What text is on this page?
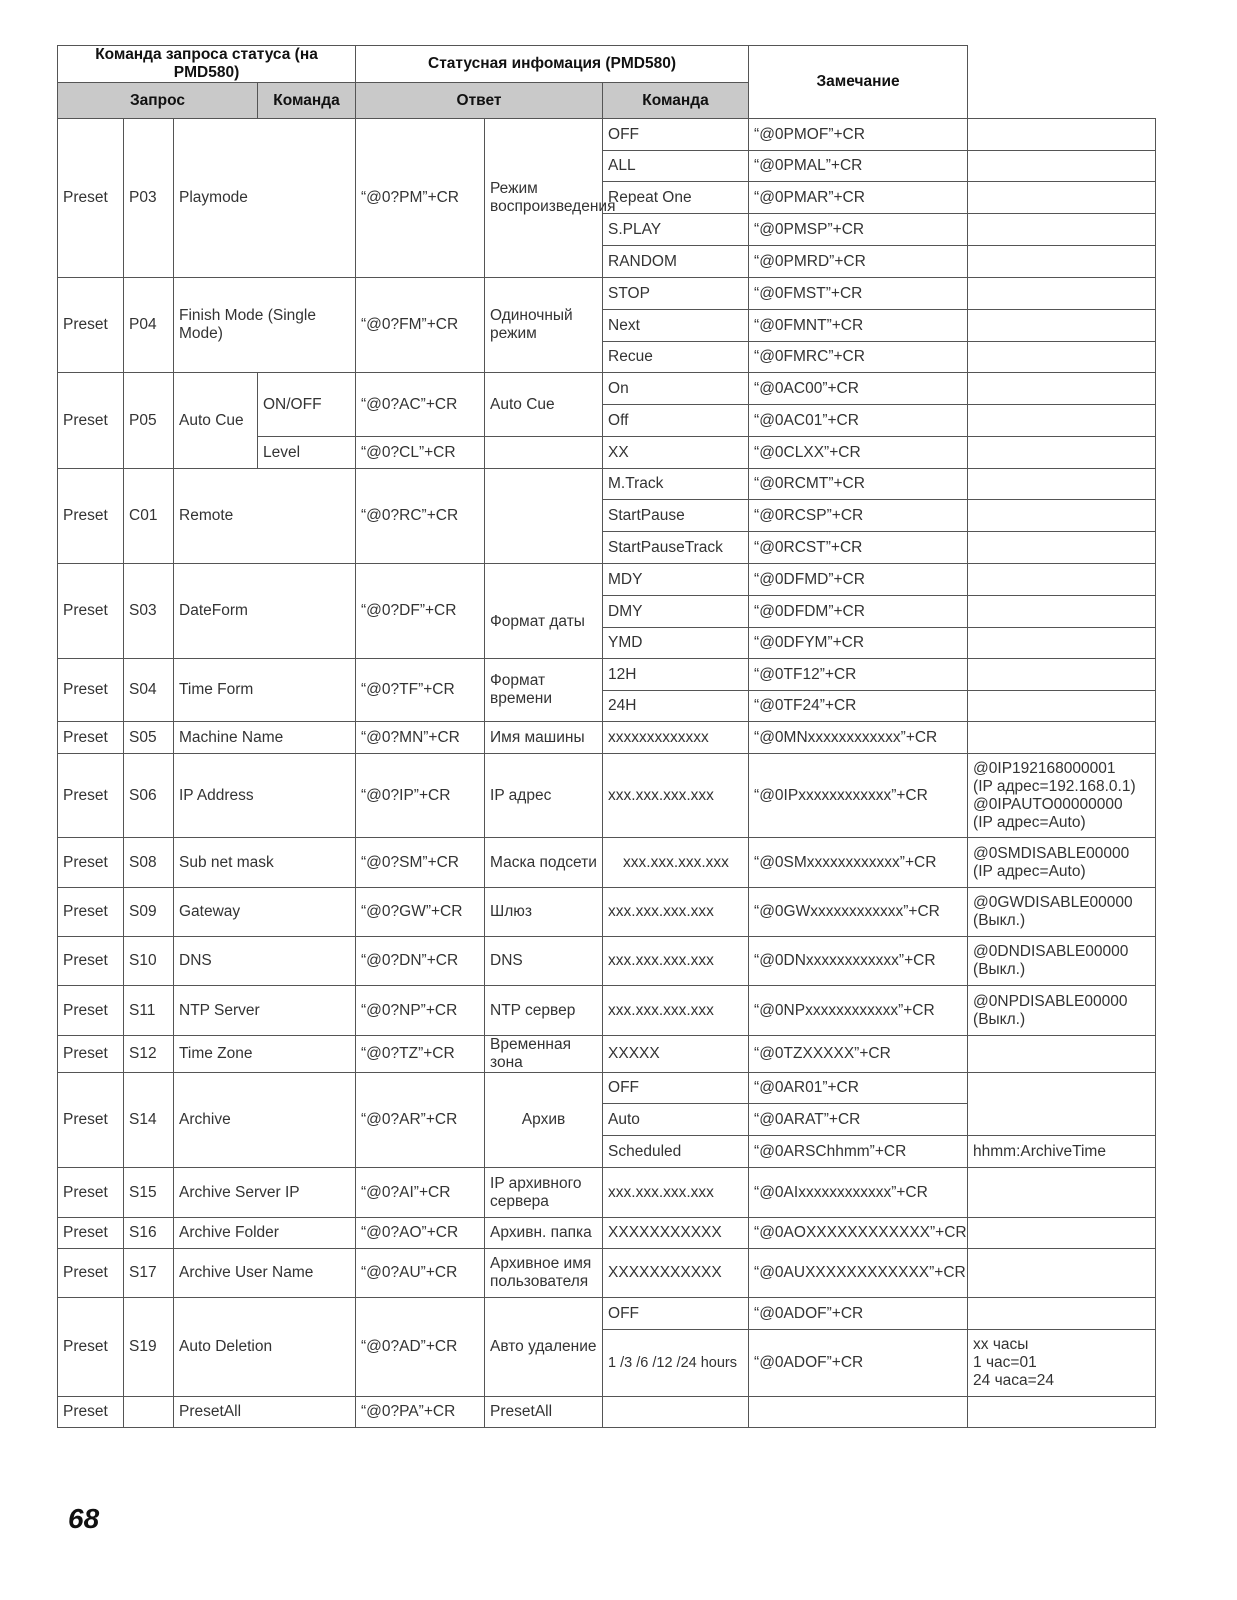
Команда запроса статуса (на PMD580)				Статусная инфомация (PMD580)			Замечание	
Запрос			Команда	Ответ		Команда		
Preset	P03	Playmode		“@0?PM”+CR	Режим воспроизведения	OFF	“@0PMOF”+CR	
						ALL	“@0PMAL”+CR	
						Repeat One	“@0PMAR”+CR	
						S.PLAY	“@0PMSP”+CR	
						RANDOM	“@0PMRD”+CR	
Preset	P04	Finish Mode (Single Mode)		“@0?FM”+CR	Одиночный режим	STOP	“@0FMST”+CR	
						Next	“@0FMNT”+CR	
						Recue	“@0FMRC”+CR	
Preset	P05	Auto Cue	ON/OFF	“@0?AC”+CR	Auto Cue	On	“@0AC00”+CR	
						Off	“@0AC01”+CR	
			Level	“@0?CL”+CR		XX	“@0CLXX”+CR	
Preset	C01	Remote		“@0?RC”+CR		M.Track	“@0RCMT”+CR	
						StartPause	“@0RCSP”+CR	
						StartPauseTrack	“@0RCST”+CR	
Preset	S03	DateForm		“@0?DF”+CR	Формат даты	MDY	“@0DFMD”+CR	
						DMY	“@0DFDM”+CR	
						YMD	“@0DFYM”+CR	
Preset	S04	Time Form		“@0?TF”+CR	Формат времени	12H	“@0TF12”+CR	
						24H	“@0TF24”+CR	
Preset	S05	Machine Name		“@0?MN”+CR	Имя машины	xxxxxxxxxxxxx	“@0MNxxxxxxxxxxxx”+CR	
Preset	S06	IP Address		“@0?IP”+CR	IP адрес	xxx.xxx.xxx.xxx	“@0IPxxxxxxxxxxxx”+CR	@0IP192168000001
(IP адрес=192.168.0.1)
@0IPAUTO00000000
(IP адрес=Auto)

Preset	S08	Sub net mask		“@0?SM”+CR	Маска подсети	xxx.xxx.xxx.xxx	“@0SMxxxxxxxxxxxx”+CR	@0SMDISABLE00000
(IP адрес=Auto)

Preset	S09	Gateway		“@0?GW”+CR	Шлюз	xxx.xxx.xxx.xxx	“@0GWxxxxxxxxxxxx”+CR	@0GWDISABLE00000
(Выкл.)

Preset	S10	DNS		“@0?DN”+CR	DNS	xxx.xxx.xxx.xxx	“@0DNxxxxxxxxxxxx”+CR	@0DNDISABLE00000
(Выкл.)

Preset	S11	NTP Server		“@0?NP”+CR	NTP сервер	xxx.xxx.xxx.xxx	“@0NPxxxxxxxxxxxx”+CR	@0NPDISABLE00000
(Выкл.)

Preset	S12	Time Zone		“@0?TZ”+CR	Временная зона	XXXXX	“@0TZXXXXX”+CR	
Preset	S14	Archive		“@0?AR”+CR	Архив	OFF	“@0AR01”+CR	
						Auto	“@0ARAT”+CR	
						Scheduled	“@0ARSChhmm”+CR	hhmm:ArchiveTime
Preset	S15	Archive Server IP		“@0?AI”+CR	IP архивного сервера	xxx.xxx.xxx.xxx	“@0AIxxxxxxxxxxxx”+CR	
Preset	S16	Archive Folder		“@0?AO”+CR	Архивн. папка	XXXXXXXXXXX	“@0AOXXXXXXXXXXXX”+CR	
Preset	S17	Archive User Name		“@0?AU”+CR	Архивное имя пользователя	XXXXXXXXXXX	“@0AUXXXXXXXXXXXX”+CR	
Preset	S19	Auto Deletion		“@0?AD”+CR	Авто удаление	OFF	“@0ADOF”+CR	
						1 /3 /6 /12 /24 hours	“@0ADOF”+CR	xx часы
1 час=01
24 часа=24

Preset		PresetAll		“@0?PA”+CR	PresetAll			
68
